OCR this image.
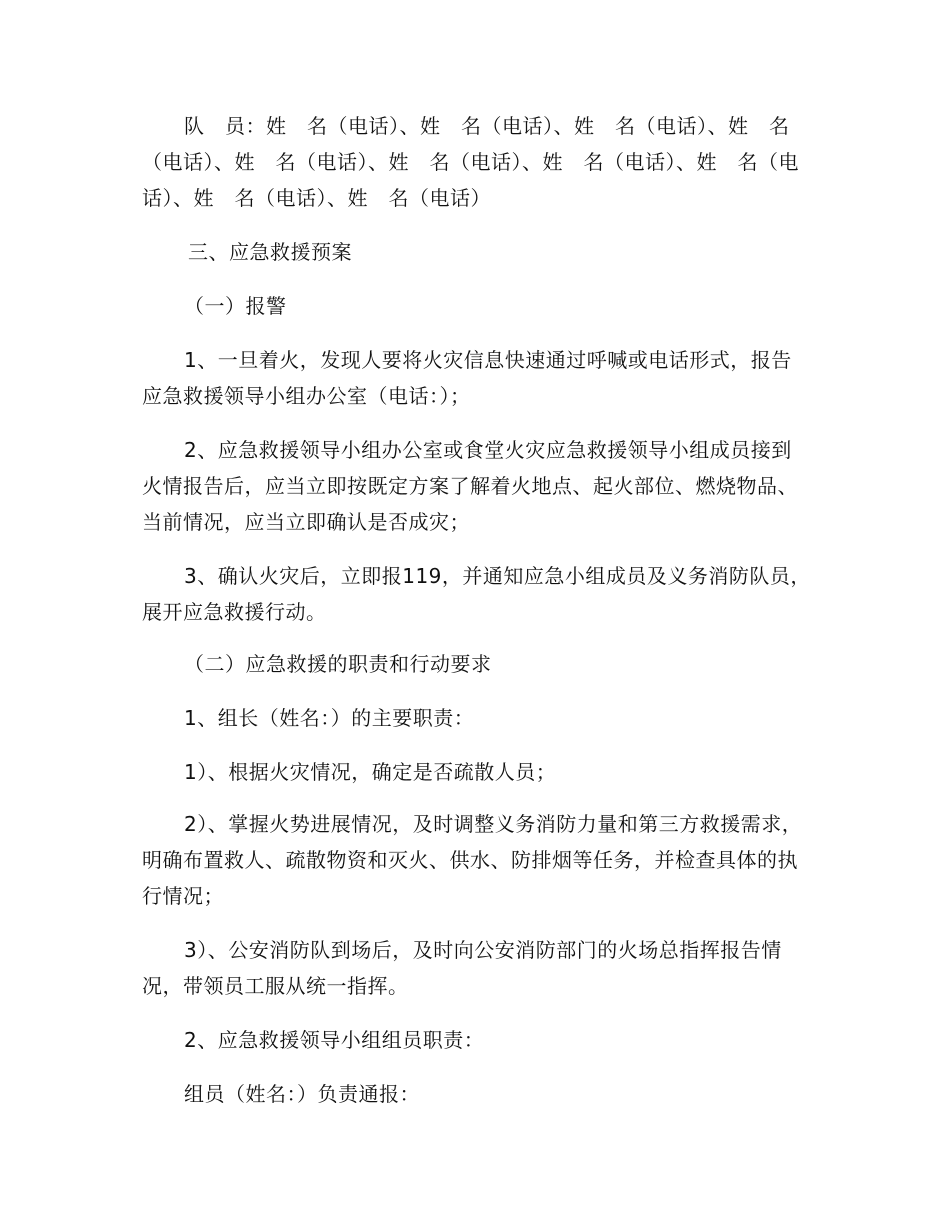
队　员：姓　名（电话）、姓　名（电话）、姓　名（电话）、姓　名（电话）、姓　名（电话）、姓　名（电话）、姓　名（电话）、姓　名（电话）、姓　名（电话）、姓　名（电话）

三、应急救援预案

（一）报警

1、一旦着火，发现人要将火灾信息快速通过呼喊或电话形式，报告应急救援领导小组办公室（电话：）；

2、应急救援领导小组办公室或食堂火灾应急救援领导小组成员接到火情报告后，应当立即按既定方案了解着火地点、起火部位、燃烧物品、当前情况，应当立即确认是否成灾；

3、确认火灾后，立即报119，并通知应急小组成员及义务消防队员，展开应急救援行动。

（二）应急救援的职责和行动要求

1、组长（姓名：）的主要职责：

1）、根据火灾情况，确定是否疏散人员；

2）、掌握火势进展情况，及时调整义务消防力量和第三方救援需求，明确布置救人、疏散物资和灭火、供水、防排烟等任务，并检查具体的执行情况；

3）、公安消防队到场后，及时向公安消防部门的火场总指挥报告情况，带领员工服从统一指挥。

2、应急救援领导小组组员职责：

组员（姓名：）负责通报：
